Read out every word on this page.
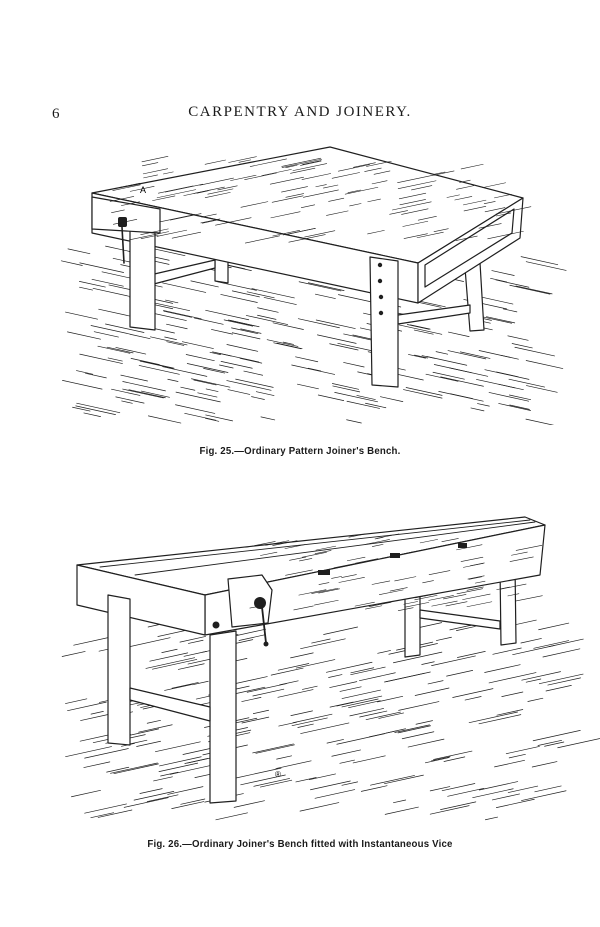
6	CARPENTRY AND JOINERY.
A
Fig. 25.—Ordinary Pattern Joiner's Bench.
®
Fig. 26.—Ordinary Joiner's Bench fitted with Instantaneous Vice
